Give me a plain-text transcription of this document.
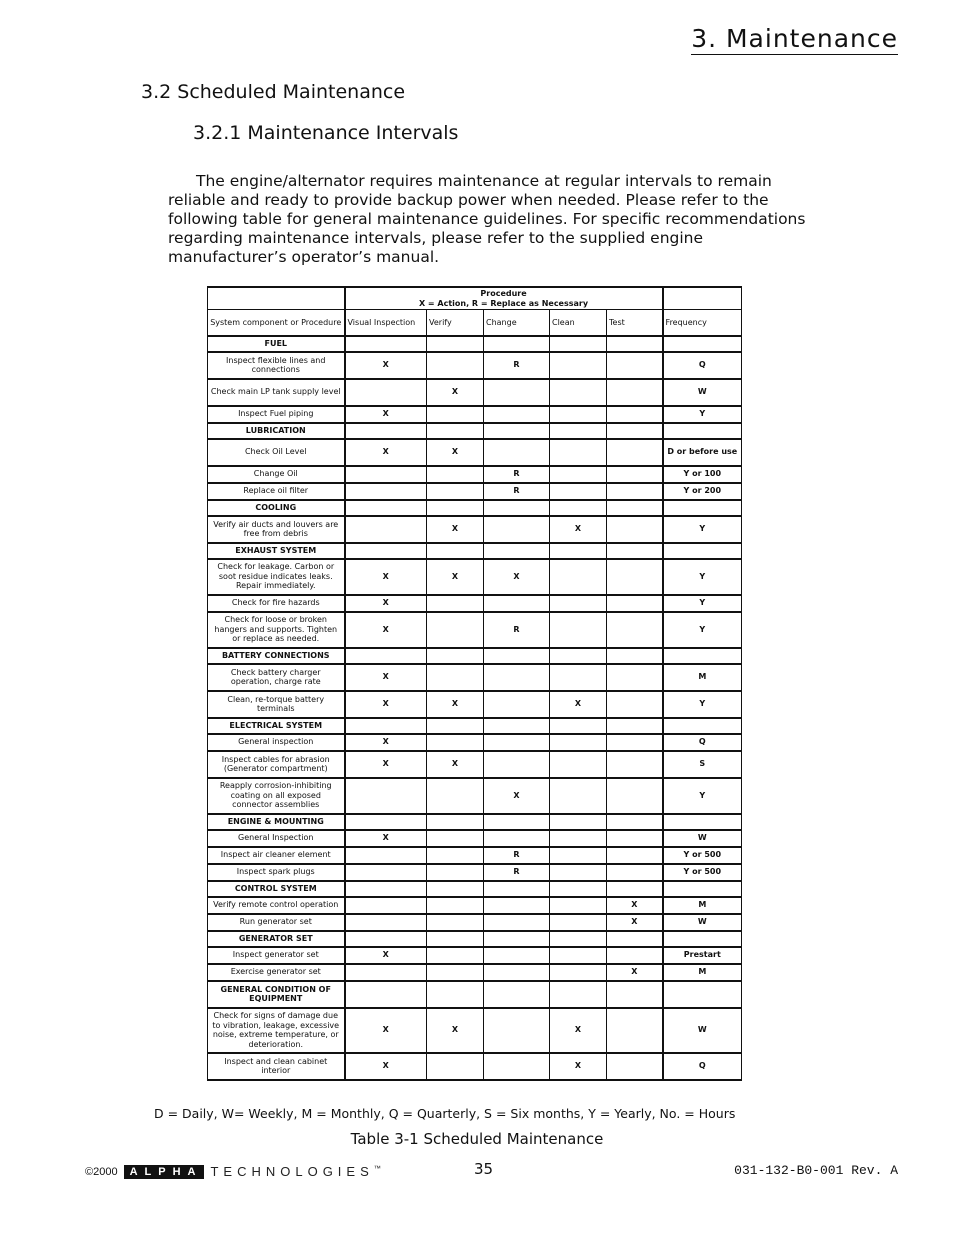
3. Maintenance
3.2 Scheduled Maintenance
3.2.1 Maintenance Intervals

The engine/alternator requires maintenance at regular intervals to remain reliable and ready to provide backup power when needed. Please refer to the following table for general maintenance guidelines. For specific recommendations regarding maintenance intervals, please refer to the supplied engine manufacturer’s operator’s manual.

	Procedure
X = Action, R = Replace as Necessary					

System component or Procedure	Visual Inspection	Verify	Change	Clean	Test	Frequency
FUEL						
Inspect flexible lines and connections	X		R			Q
Check main LP tank supply level		X				W
Inspect Fuel piping	X					Y
LUBRICATION						
Check Oil Level	X	X				D or before use
Change Oil			R			Y or 100
Replace oil filter			R			Y or 200
COOLING						
Verify air ducts and louvers are free from debris		X		X		Y
EXHAUST SYSTEM						
Check for leakage. Carbon or soot residue indicates leaks. Repair immediately.	X	X	X			Y
Check for fire hazards	X					Y
Check for loose or broken hangers and supports. Tighten or replace as needed.	X		R			Y
BATTERY CONNECTIONS						
Check battery charger operation, charge rate	X					M
Clean, re-torque battery terminals	X	X		X		Y
ELECTRICAL SYSTEM						
General inspection	X					Q
Inspect cables for abrasion (Generator compartment)	X	X				S
Reapply corrosion-inhibiting coating on all exposed connector assemblies			X			Y
ENGINE & MOUNTING						
General Inspection	X					W
Inspect air cleaner element			R			Y or 500
Inspect spark plugs			R			Y or 500
CONTROL SYSTEM						
Verify remote control operation					X	M
Run generator set					X	W
GENERATOR SET						
Inspect generator set	X					Prestart
Exercise generator set					X	M
GENERAL CONDITION OF EQUIPMENT						
Check for signs of damage due to vibration, leakage, excessive noise, extreme temperature, or deterioration.	X	X		X		W
Inspect and clean cabinet interior	X			X		Q
D = Daily, W= Weekly, M = Monthly, Q = Quarterly, S = Six months, Y = Yearly, No. = Hours
Table 3-1 Scheduled Maintenance
©2000	ALPHA TECHNOLOGIES™	35	031-132-B0-001 Rev. A
